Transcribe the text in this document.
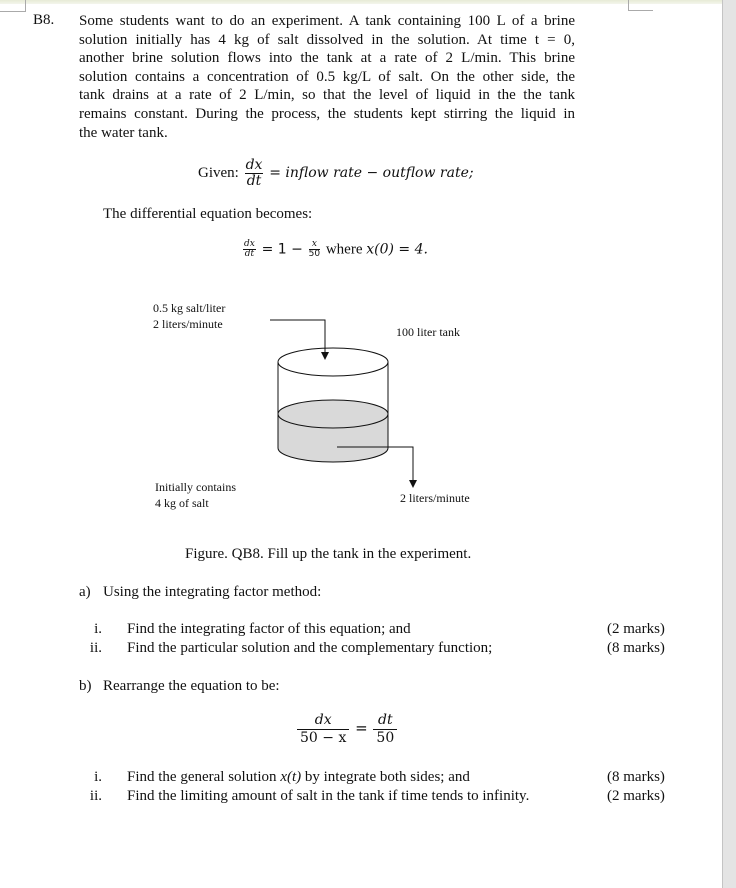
B8. Some students want to do an experiment. A tank containing 100 L of a brine
solution initially has 4 kg of salt dissolved in the solution. At time t = 0,
another brine solution flows into the tank at a rate of 2 L/min. This brine
solution contains a concentration of 0.5 kg/L of salt. On the other side, the
tank drains at a rate of 2 L/min, so that the level of liquid in the the tank
remains constant. During the process, the students kept stirring the liquid in
the water tank.
Given: $\frac{dx}{dt}$ = inflow rate − outflow rate;
The differential equation becomes:
$\frac{dx}{dt} = 1 - \frac{x}{50}$ where x(0) = 4.
0.5 kg salt/liter
2 liters/minute
100 liter tank
Initially contains
4 kg of salt	2 liters/minute
Figure. QB8. Fill up the tank in the experiment.
a) Using the integrating factor method:
i. Find the integrating factor of this equation; and	(2 marks)
ii. Find the particular solution and the complementary function;	(8 marks)
b) Rearrange the equation to be:
$\frac{dx}{50 - x} = \frac{dt}{50}$
i. Find the general solution x(t) by integrate both sides; and	(8 marks)
ii. Find the limiting amount of salt in the tank if time tends to infinity.	(2 marks)
